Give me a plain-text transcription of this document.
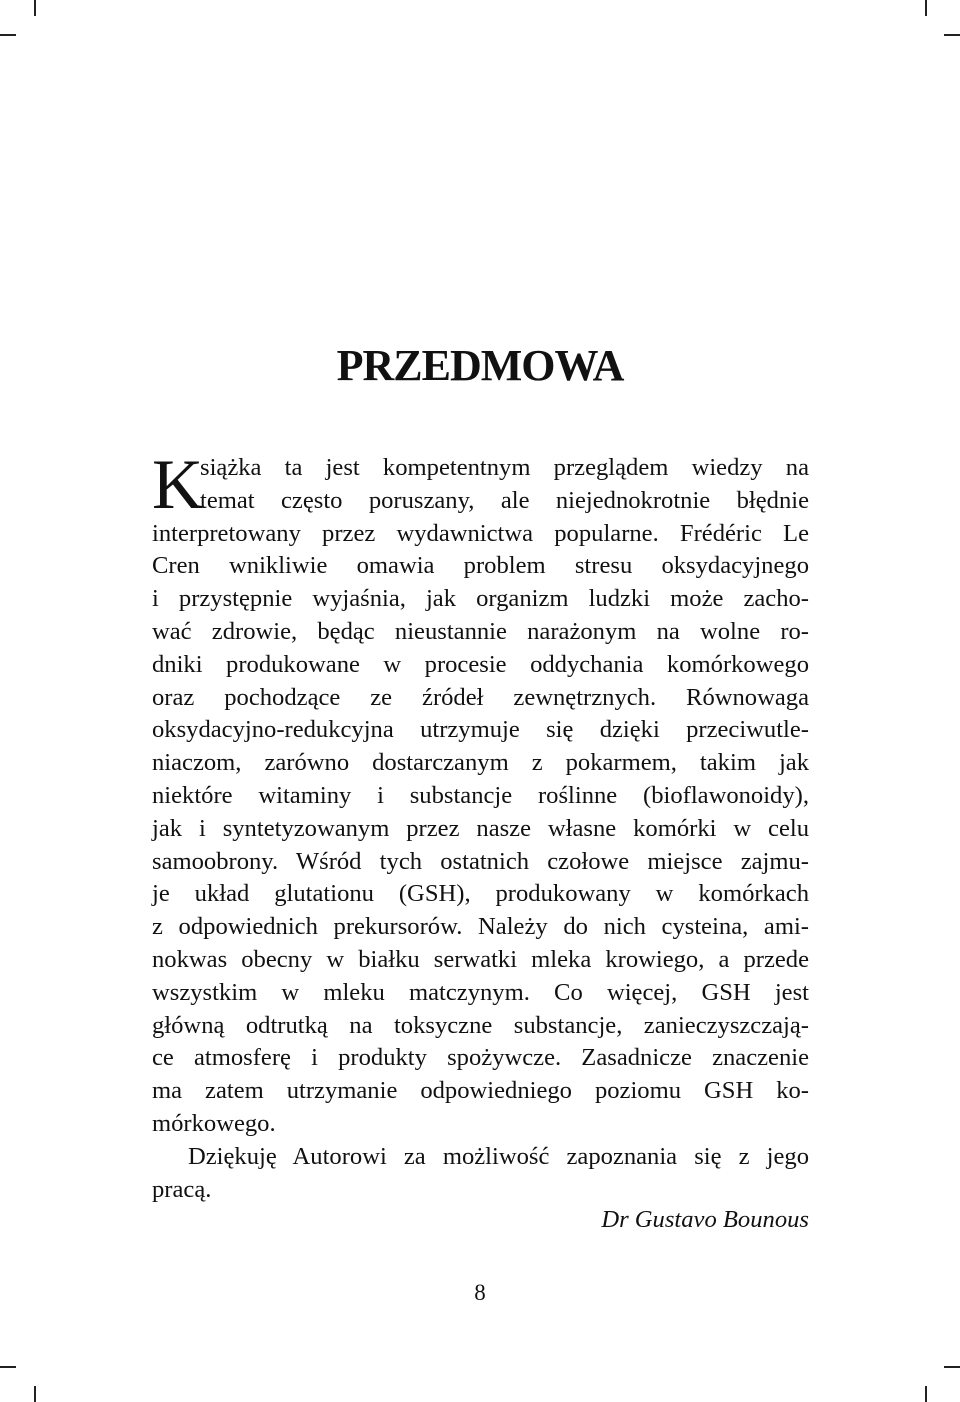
PRZEDMOWA
K
siążka ta jest kompetentnym przeglądem wiedzy na
temat często poruszany, ale niejednokrotnie błędnie
interpretowany przez wydawnictwa popularne. Frédéric Le
Cren wnikliwie omawia problem stresu oksydacyjnego
i przystępnie wyjaśnia, jak organizm ludzki może zacho-
wać zdrowie, będąc nieustannie narażonym na wolne ro-
dniki produkowane w procesie oddychania komórkowego
oraz pochodzące ze źródeł zewnętrznych. Równowaga
oksydacyjno-redukcyjna utrzymuje się dzięki przeciwutle-
niaczom, zarówno dostarczanym z pokarmem, takim jak
niektóre witaminy i substancje roślinne (bioflawonoidy),
jak i syntetyzowanym przez nasze własne komórki w celu
samoobrony. Wśród tych ostatnich czołowe miejsce zajmu-
je układ glutationu (GSH), produkowany w komórkach
z odpowiednich prekursorów. Należy do nich cysteina, ami-
nokwas obecny w białku serwatki mleka krowiego, a przede
wszystkim w mleku matczynym. Co więcej, GSH jest
główną odtrutką na toksyczne substancje, zanieczyszczają-
ce atmosferę i produkty spożywcze. Zasadnicze znaczenie
ma zatem utrzymanie odpowiedniego poziomu GSH ko-
mórkowego.
Dziękuję Autorowi za możliwość zapoznania się z jego
pracą.

Dr Gustavo Bounous

8
